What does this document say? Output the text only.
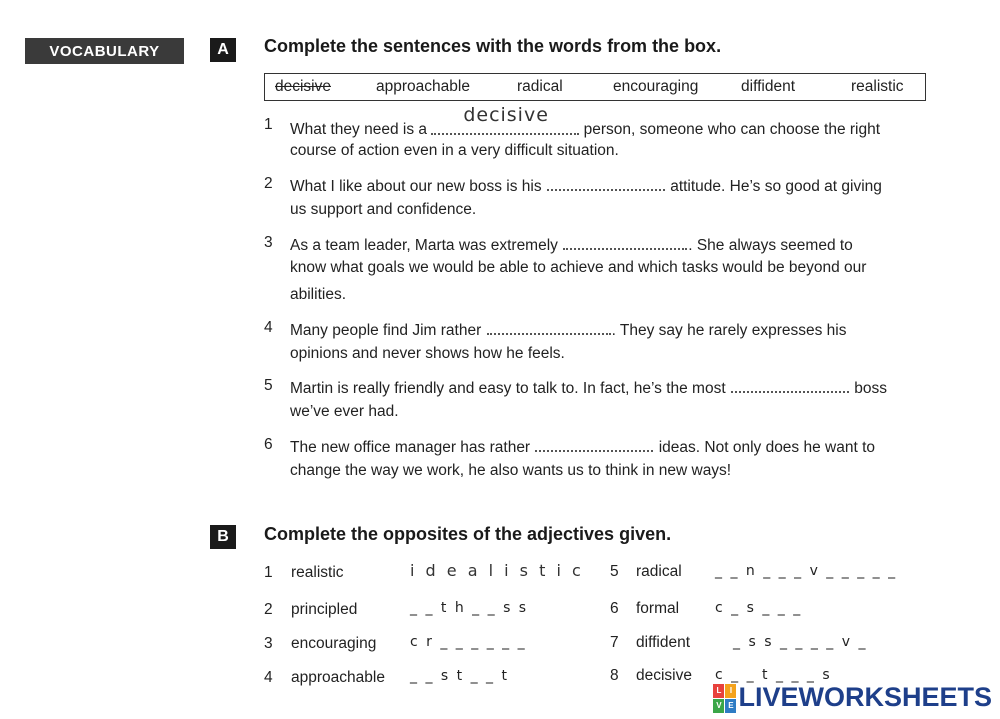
VOCABULARY	A	Complete the sentences with the words from the box.
decisive	approachable	radical	encouraging	diffident	realistic
1 What they need is a
decisive
person, someone who can choose the right
course of action even in a very difficult situation.
2 What I like about our new boss is his	attitude. He’s so good at giving
us support and confidence.
3 As a team leader, Marta was extremely	. She always seemed to
know what goals we would be able to achieve and which tasks would be beyond our
abilities.
4 Many people find Jim rather	. They say he rarely expresses his
opinions and never shows how he feels.
5 Martin is really friendly and easy to talk to. In fact, he’s the most	boss
we’ve ever had.
6 The new office manager has rather	ideas. Not only does he want to
change the way we work, he also wants us to think in new ways!
B	Complete the opposites of the adjectives given.
1 realistic	i d e a l i s t i c
2 principled	_ _ t h _ _ s s
3 encouraging c r _ _ _ _ _ _
4 approachable _ _ s t _ _ t
5 radical _ _ n _ _ _ v _ _ _ _ _
6 formal	c _ s _ _ _
7 diffident	_ s s _ _ _ _ v _
8 decisive c _ _ t _ _ _ s
L	I
V E LIVEWORKSHEETS
